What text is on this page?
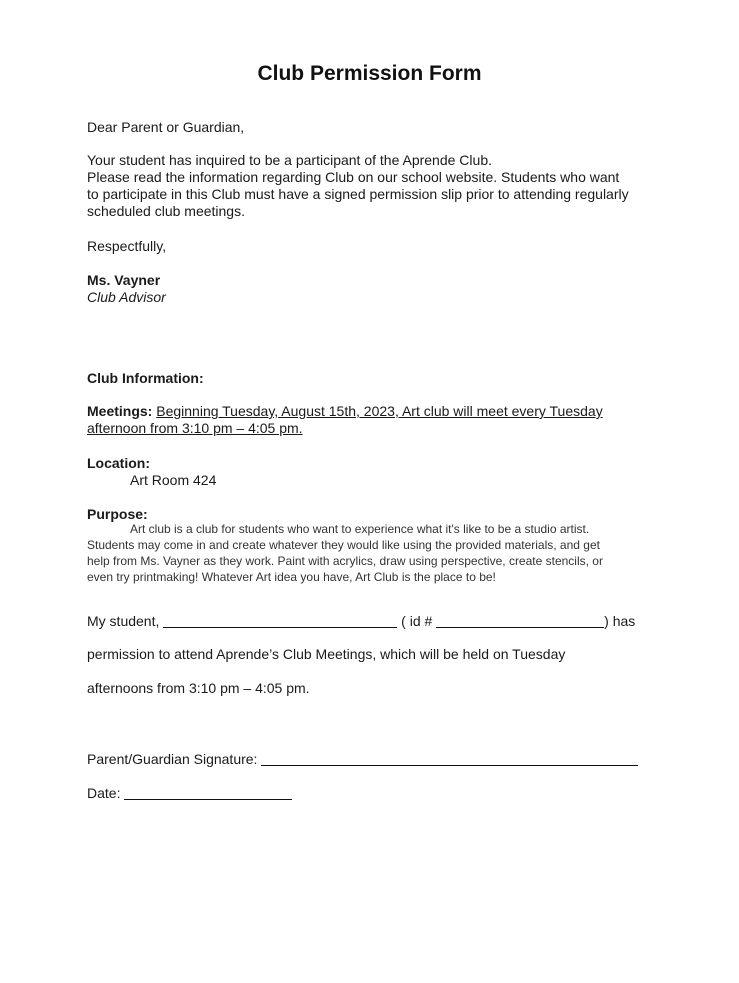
Club Permission Form
Dear Parent or Guardian,
Your student has inquired to be a participant of the Aprende Club.
Please read the information regarding Club on our school website. Students who want
to participate in this Club must have a signed permission slip prior to attending regularly
scheduled club meetings.
Respectfully,
Ms. Vayner
Club Advisor
Club Information:
Meetings: Beginning Tuesday, August 15th, 2023, Art club will meet every Tuesday
afternoon from 3:10 pm – 4:05 pm.
Location:
Art Room 424
Purpose:
Art club is a club for students who want to experience what it's like to be a studio artist.
Students may come in and create whatever they would like using the provided materials, and get
help from Ms. Vayner as they work. Paint with acrylics, draw using perspective, create stencils, or
even try printmaking! Whatever Art idea you have, Art Club is the place to be!
My student,	( id #	) has
permission to attend Aprende’s Club Meetings, which will be held on Tuesday
afternoons from 3:10 pm – 4:05 pm.
Parent/Guardian Signature:
Date:
